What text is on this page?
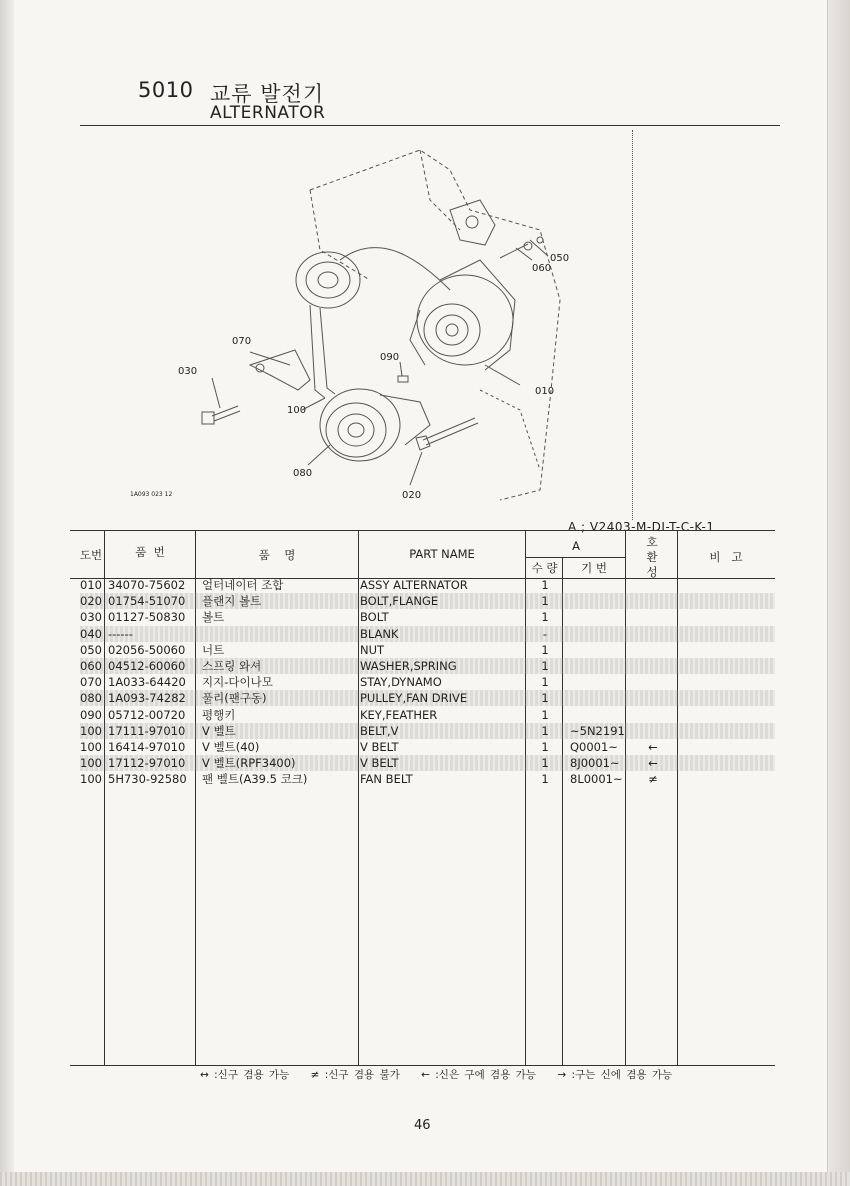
5010 교류 발전기
ALTERNATOR
070
030
050
060
090
100
010
080
020
1A093 023 12
A ; V2403-M-DI-T-C-K-1
도번	품  번	품    명	PART NAME
A
수 량	기 번
호
환
성
비   고
010 34070-75602 얼터네이터 조합	ASSY ALTERNATOR	1
020 01754-51070 플랜지 볼트	BOLT,FLANGE	1
030 01127-50830 볼트	BOLT	1
040 ------	BLANK	-
050 02056-50060 너트	NUT	1
060 04512-60060 스프링 와셔	WASHER,SPRING	1
070 1A033-64420 지지-다이나모	STAY,DYNAMO	1
080 1A093-74282 풀리(팬구동)	PULLEY,FAN DRIVE	1
090 05712-00720 평행키	KEY,FEATHER	1
100 17111-97010 V 벨트	BELT,V	1 ~5N2191
100 16414-97010 V 벨트(40)	V BELT	1 Q0001~	←
100 17112-97010 V 벨트(RPF3400)	V BELT	1 8J0001~	←
100 5H730-92580 팬 벨트(A39.5 코크)	FAN BELT	1 8L0001~	≠
↔ :신구 겸용 가능 ≠ :신구 겸용 불가 ← :신은 구에 겸용 가능 → :구는 신에 겸용 가능
46
